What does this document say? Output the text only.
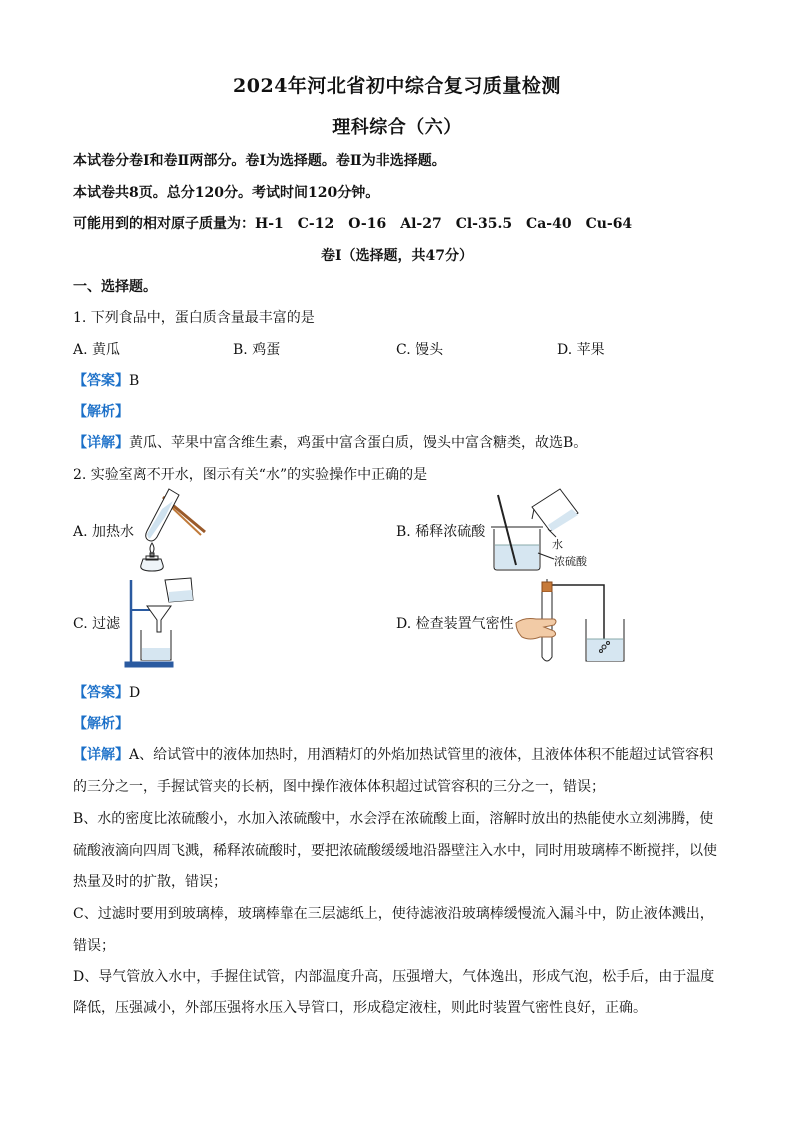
2024年河北省初中综合复习质量检测
理科综合（六）
本试卷分卷Ⅰ和卷Ⅱ两部分。卷Ⅰ为选择题。卷Ⅱ为非选择题。
本试卷共8页。总分120分。考试时间120分钟。
可能用到的相对原子质量为：H-1　C-12　O-16　Al-27　Cl-35.5　Ca-40　Cu-64
卷Ⅰ（选择题，共47分）
一、选择题。
1. 下列食品中，蛋白质含量最丰富的是
A. 黄瓜	B. 鸡蛋	C. 馒头	D. 苹果
【答案】B
【解析】
【详解】黄瓜、苹果中富含维生素，鸡蛋中富含蛋白质，馒头中富含糖类，故选B。
2. 实验室离不开水，图示有关“水”的实验操作中正确的是
A. 加热水	B. 稀释浓硫酸
C. 过滤	D. 检查装置气密性
水
浓硫酸
【答案】D
【解析】
【详解】A、给试管中的液体加热时，用酒精灯的外焰加热试管里的液体，且液体体积不能超过试管容积
的三分之一，手握试管夹的长柄，图中操作液体体积超过试管容积的三分之一，错误；
B、水的密度比浓硫酸小，水加入浓硫酸中，水会浮在浓硫酸上面，溶解时放出的热能使水立刻沸腾，使
硫酸液滴向四周飞溅，稀释浓硫酸时，要把浓硫酸缓缓地沿器壁注入水中，同时用玻璃棒不断搅拌，以使
热量及时的扩散，错误；
C、过滤时要用到玻璃棒，玻璃棒靠在三层滤纸上，使待滤液沿玻璃棒缓慢流入漏斗中，防止液体溅出，
错误；
D、导气管放入水中，手握住试管，内部温度升高，压强增大，气体逸出，形成气泡，松手后，由于温度
降低，压强减小，外部压强将水压入导管口，形成稳定液柱，则此时装置气密性良好，正确。
